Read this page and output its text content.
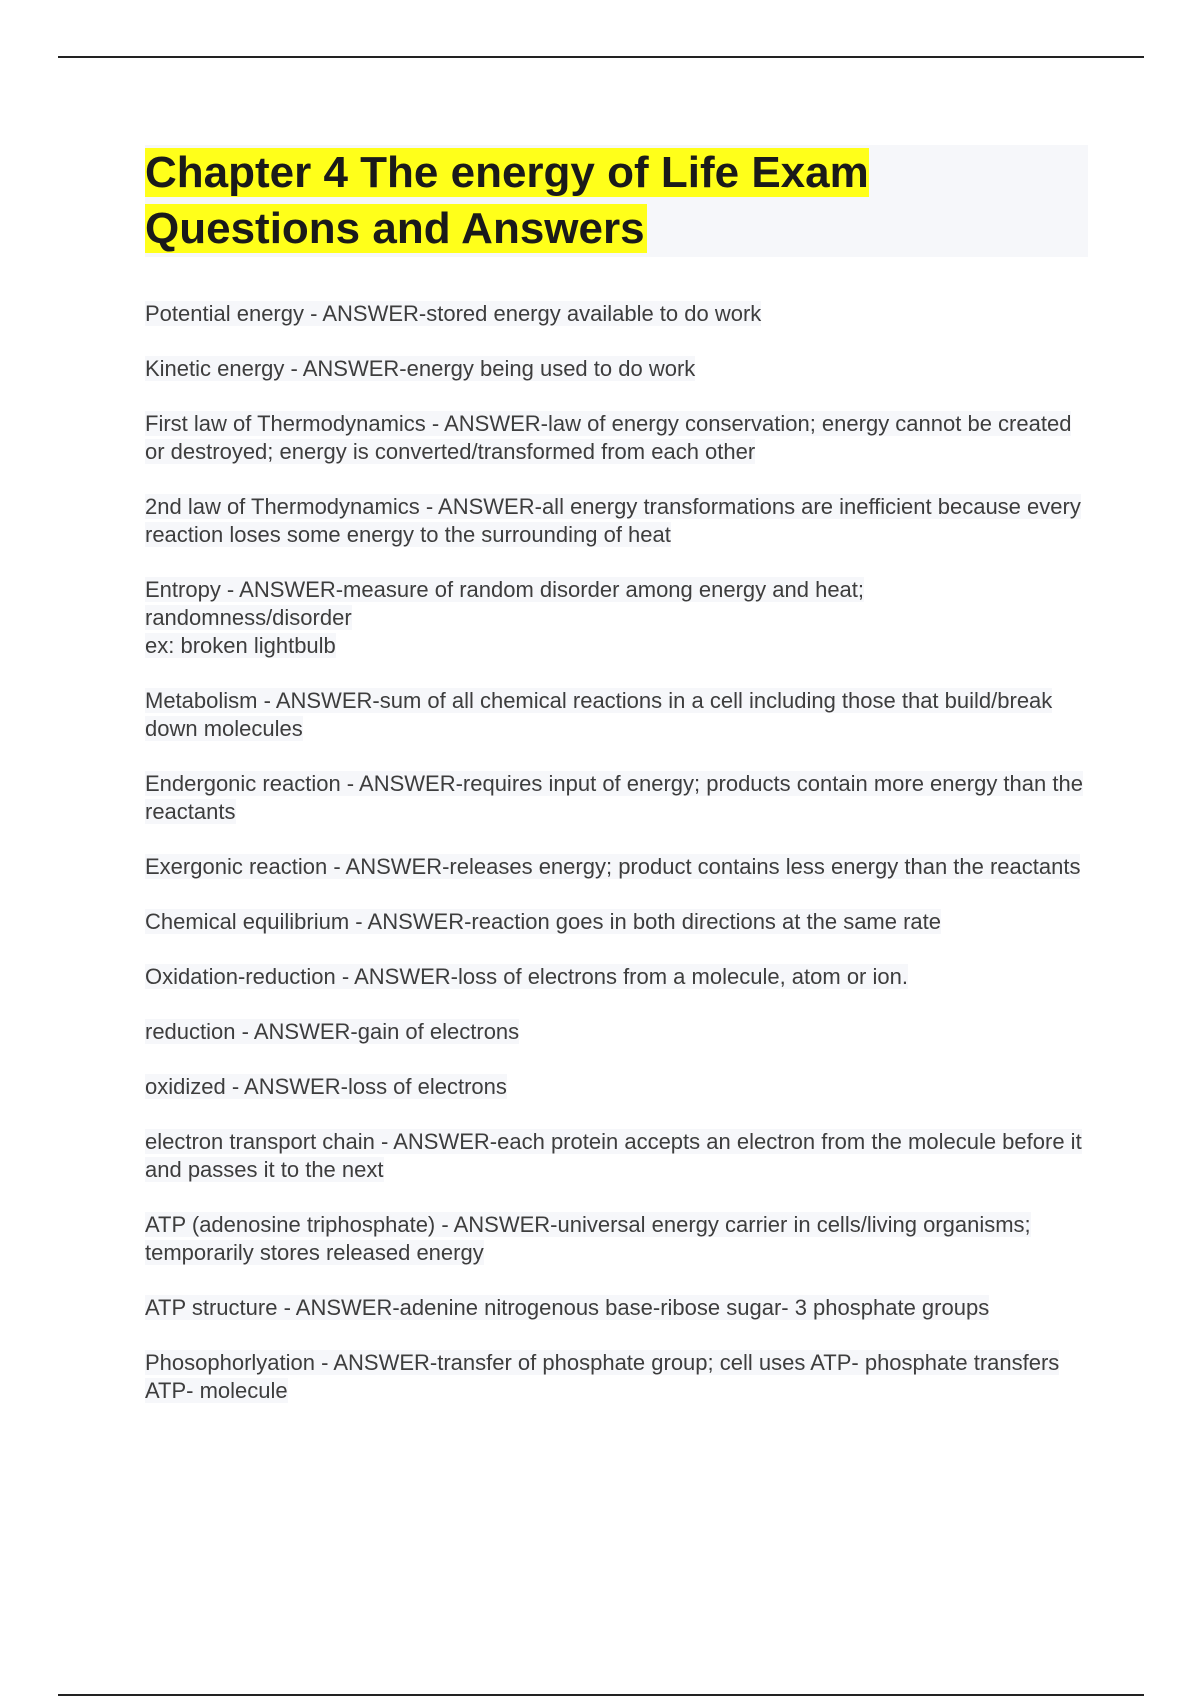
Chapter 4 The energy of Life Exam Questions and Answers
Potential energy - ANSWER-stored energy available to do work
Kinetic energy - ANSWER-energy being used to do work
First law of Thermodynamics - ANSWER-law of energy conservation; energy cannot be created or destroyed; energy is converted/transformed from each other
2nd law of Thermodynamics - ANSWER-all energy transformations are inefficient because every reaction loses some energy to the surrounding of heat
Entropy - ANSWER-measure of random disorder among energy and heat;
randomness/disorder
ex: broken lightbulb
Metabolism - ANSWER-sum of all chemical reactions in a cell including those that build/break down molecules
Endergonic reaction - ANSWER-requires input of energy; products contain more energy than the reactants
Exergonic reaction - ANSWER-releases energy; product contains less energy than the reactants
Chemical equilibrium - ANSWER-reaction goes in both directions at the same rate
Oxidation-reduction - ANSWER-loss of electrons from a molecule, atom or ion.
reduction - ANSWER-gain of electrons
oxidized - ANSWER-loss of electrons
electron transport chain - ANSWER-each protein accepts an electron from the molecule before it and passes it to the next
ATP (adenosine triphosphate) - ANSWER-universal energy carrier in cells/living organisms; temporarily stores released energy
ATP structure - ANSWER-adenine nitrogenous base-ribose sugar- 3 phosphate groups
Phosophorlyation - ANSWER-transfer of phosphate group; cell uses ATP- phosphate transfers ATP- molecule
